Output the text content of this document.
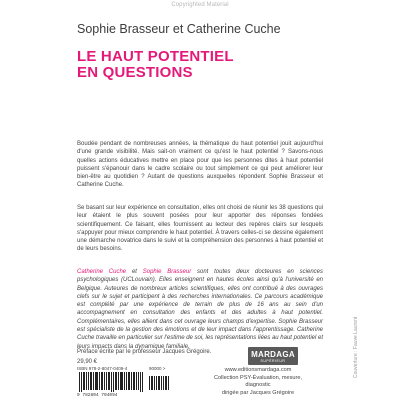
Copyrighted Material
Sophie Brasseur et Catherine Cuche
LE HAUT POTENTIEL
EN QUESTIONS
Boudée pendant de nombreuses années, la thématique du haut potentiel jouit aujourd'hui d'une grande visibilité. Mais sait-on vraiment ce qu'est le haut potentiel ? Savons-nous quelles actions éducatives mettre en place pour que les personnes dites à haut potentiel puissent s'épanouir dans le cadre scolaire ou tout simplement ce qui peut améliorer leur bien-être au quotidien ? Autant de questions auxquelles répondent Sophie Brasseur et Catherine Cuche.
Se basant sur leur expérience en consultation, elles ont choisi de réunir les 38 questions qui leur étaient le plus souvent posées pour leur apporter des réponses fondées scientifiquement. Ce faisant, elles fournissent au lecteur des repères clairs sur lesquels s'appuyer pour mieux comprendre le haut potentiel. À travers celles-ci se dessine également une démarche novatrice dans le suivi et la compréhension des personnes à haut potentiel et de leurs besoins.
Catherine Cuche et Sophie Brasseur sont toutes deux docteures en sciences psychologiques (UCLouvain). Elles enseignent en hautes écoles ainsi qu'à l'université en Belgique. Auteures de nombreux articles scientifiques, elles ont contribué à des ouvrages clefs sur le sujet et participent à des recherches internationales. Ce parcours académique est complété par une expérience de terrain de plus de 16 ans au sein d'un accompagnement en consultation des enfants et des adultes à haut potentiel. Complémentaires, elles allient dans cet ouvrage leurs champs d'expertise. Sophie Brasseur est spécialiste de la gestion des émotions et de leur impact dans l'apprentissage. Catherine Cuche travaille en particulier sur l'estime de soi, les représentations liées au haut potentiel et leurs impacts dans la dynamique familiale.
Préface écrite par le professeur Jacques Grégoire.
29,90 €
ISBN 978-2-8047-0409-4	90000 >
9 782804 704094
MARDAGA
SUPÉRIEUR
www.editionsmardaga.com
Collection PSY-Évaluation, mesure, diagnostic
dirigée par Jacques Grégoire
Couverture : Fauve Laurent
